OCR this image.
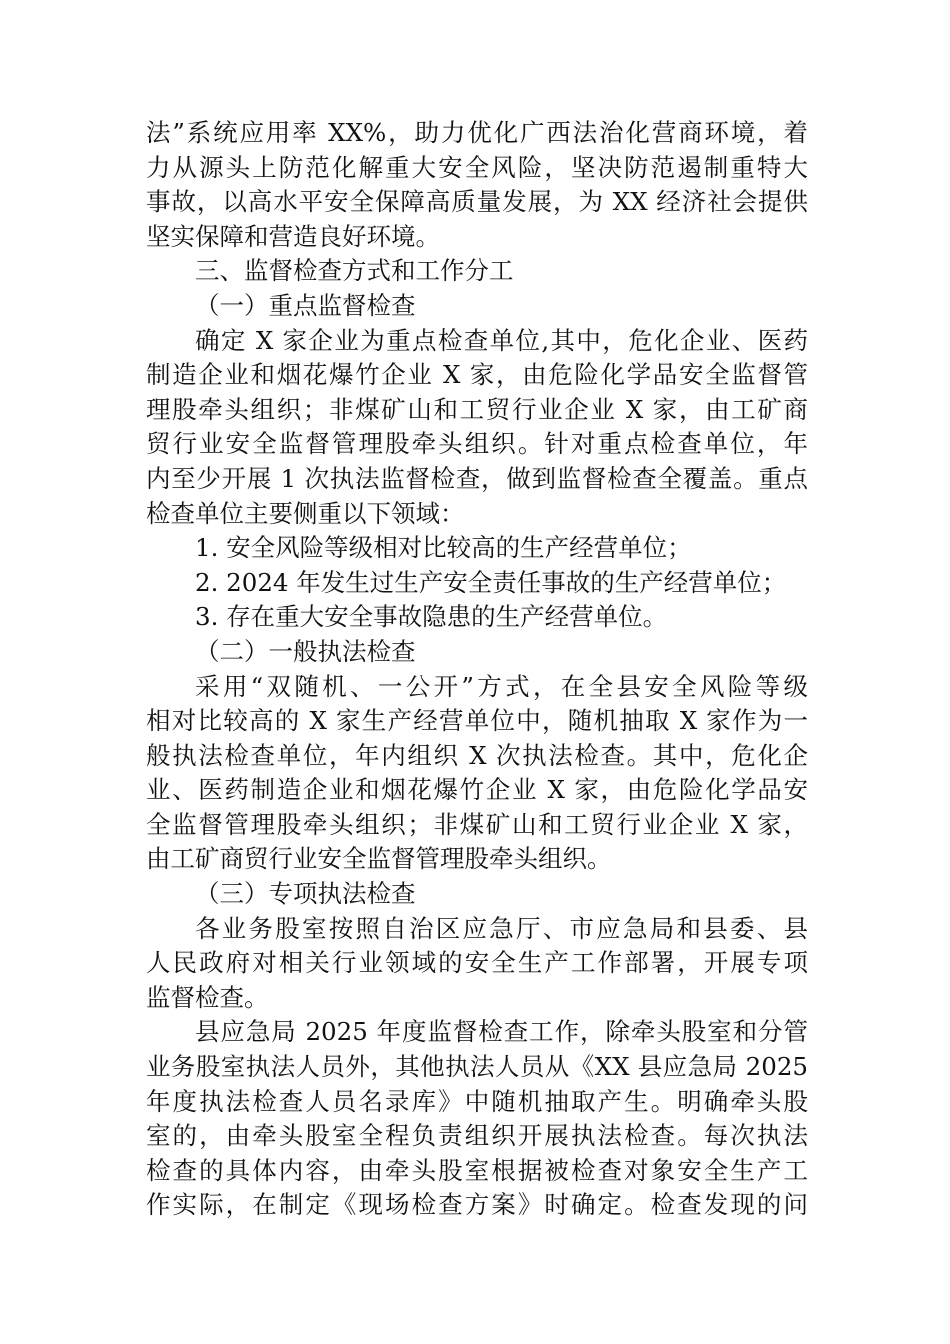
法”系统应用率 XX%，助力优化广西法治化营商环境，着
力从源头上防范化解重大安全风险，坚决防范遏制重特大
事故，以高水平安全保障高质量发展，为 XX 经济社会提供
坚实保障和营造良好环境。
三、监督检查方式和工作分工
（一）重点监督检查
确定 X 家企业为重点检查单位,其中，危化企业、医药
制造企业和烟花爆竹企业 X 家，由危险化学品安全监督管
理股牵头组织；非煤矿山和工贸行业企业 X 家，由工矿商
贸行业安全监督管理股牵头组织。针对重点检查单位，年
内至少开展 1 次执法监督检查，做到监督检查全覆盖。重点
检查单位主要侧重以下领域：
1. 安全风险等级相对比较高的生产经营单位；
2. 2024 年发生过生产安全责任事故的生产经营单位；
3. 存在重大安全事故隐患的生产经营单位。
（二）一般执法检查
采用“双随机、一公开”方式，在全县安全风险等级
相对比较高的 X 家生产经营单位中，随机抽取 X 家作为一
般执法检查单位，年内组织 X 次执法检查。其中，危化企
业、医药制造企业和烟花爆竹企业 X 家，由危险化学品安
全监督管理股牵头组织；非煤矿山和工贸行业企业 X 家，
由工矿商贸行业安全监督管理股牵头组织。
（三）专项执法检查
各业务股室按照自治区应急厅、市应急局和县委、县
人民政府对相关行业领域的安全生产工作部署，开展专项
监督检查。
县应急局 2025 年度监督检查工作，除牵头股室和分管
业务股室执法人员外，其他执法人员从《XX 县应急局 2025
年度执法检查人员名录库》中随机抽取产生。明确牵头股
室的，由牵头股室全程负责组织开展执法检查。每次执法
检查的具体内容，由牵头股室根据被检查对象安全生产工
作实际，在制定《现场检查方案》时确定。检查发现的问
